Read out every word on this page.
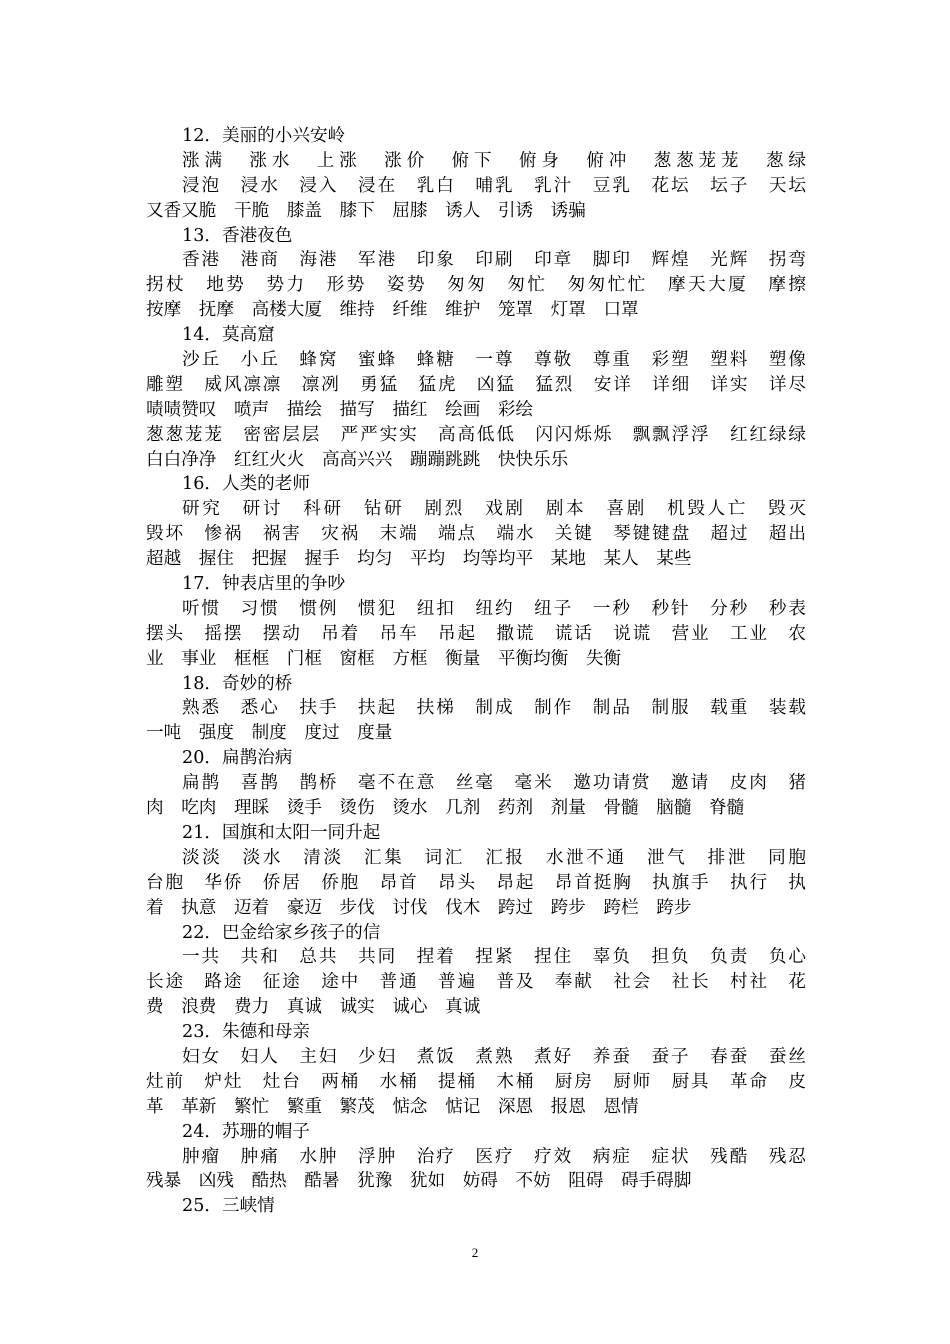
12．美丽的小兴安岭
涨满　涨水　上涨　涨价　俯下　俯身　俯冲　葱葱茏茏　葱绿
浸泡　浸水　浸入　浸在　乳白　哺乳　乳汁　豆乳　花坛　坛子　天坛
又香又脆　干脆　膝盖　膝下　屈膝　诱人　引诱　诱骗
13．香港夜色
香港　港商　海港　军港　印象　印刷　印章　脚印　辉煌　光辉　拐弯
拐杖　地势　势力　形势　姿势　匆匆　匆忙　匆匆忙忙　摩天大厦　摩擦
按摩　抚摩　高楼大厦　维持　纤维　维护　笼罩　灯罩　口罩
14．莫高窟
沙丘　小丘　蜂窝　蜜蜂　蜂糖　一尊　尊敬　尊重　彩塑　塑料　塑像
雕塑　威风凛凛　凛冽　勇猛　猛虎　凶猛　猛烈　安详　详细　详实　详尽
啧啧赞叹　喷声　描绘　描写　描红　绘画　彩绘
葱葱茏茏　密密层层　严严实实　高高低低　闪闪烁烁　飘飘浮浮　红红绿绿
白白净净　红红火火　高高兴兴　蹦蹦跳跳　快快乐乐
16．人类的老师
研究　研讨　科研　钻研　剧烈　戏剧　剧本　喜剧　机毁人亡　毁灭
毁坏　惨祸　祸害　灾祸　末端　端点　端水　关键　琴键键盘　超过　超出
超越　握住　把握　握手　均匀　平均　均等均平　某地　某人　某些
17．钟表店里的争吵
听惯　习惯　惯例　惯犯　纽扣　纽约　纽子　一秒　秒针　分秒　秒表
摆头　摇摆　摆动　吊着　吊车　吊起　撒谎　谎话　说谎　营业　工业　农
业　事业　框框　门框　窗框　方框　衡量　平衡均衡　失衡
18．奇妙的桥
熟悉　悉心　扶手　扶起　扶梯　制成　制作　制品　制服　载重　装载
一吨　强度　制度　度过　度量
20．扁鹊治病
扁鹊　喜鹊　鹊桥　毫不在意　丝毫　毫米　邀功请赏　邀请　皮肉　猪
肉　吃肉　理睬　烫手　烫伤　烫水　几剂　药剂　剂量　骨髓　脑髓　脊髓
21．国旗和太阳一同升起
淡淡　淡水　清淡　汇集　词汇　汇报　水泄不通　泄气　排泄　同胞
台胞　华侨　侨居　侨胞　昂首　昂头　昂起　昂首挺胸　执旗手　执行　执
着　执意　迈着　豪迈　步伐　讨伐　伐木　跨过　跨步　跨栏　跨步
22．巴金给家乡孩子的信
一共　共和　总共　共同　捏着　捏紧　捏住　辜负　担负　负责　负心
长途　路途　征途　途中　普通　普遍　普及　奉献　社会　社长　村社　花
费　浪费　费力　真诚　诚实　诚心　真诚
23．朱德和母亲
妇女　妇人　主妇　少妇　煮饭　煮熟　煮好　养蚕　蚕子　春蚕　蚕丝
灶前　炉灶　灶台　两桶　水桶　提桶　木桶　厨房　厨师　厨具　革命　皮
革　革新　繁忙　繁重　繁茂　惦念　惦记　深恩　报恩　恩情
24．苏珊的帽子
肿瘤　肿痛　水肿　浮肿　治疗　医疗　疗效　病症　症状　残酷　残忍
残暴　凶残　酷热　酷暑　犹豫　犹如　妨碍　不妨　阻碍　碍手碍脚
25．三峡情
2
